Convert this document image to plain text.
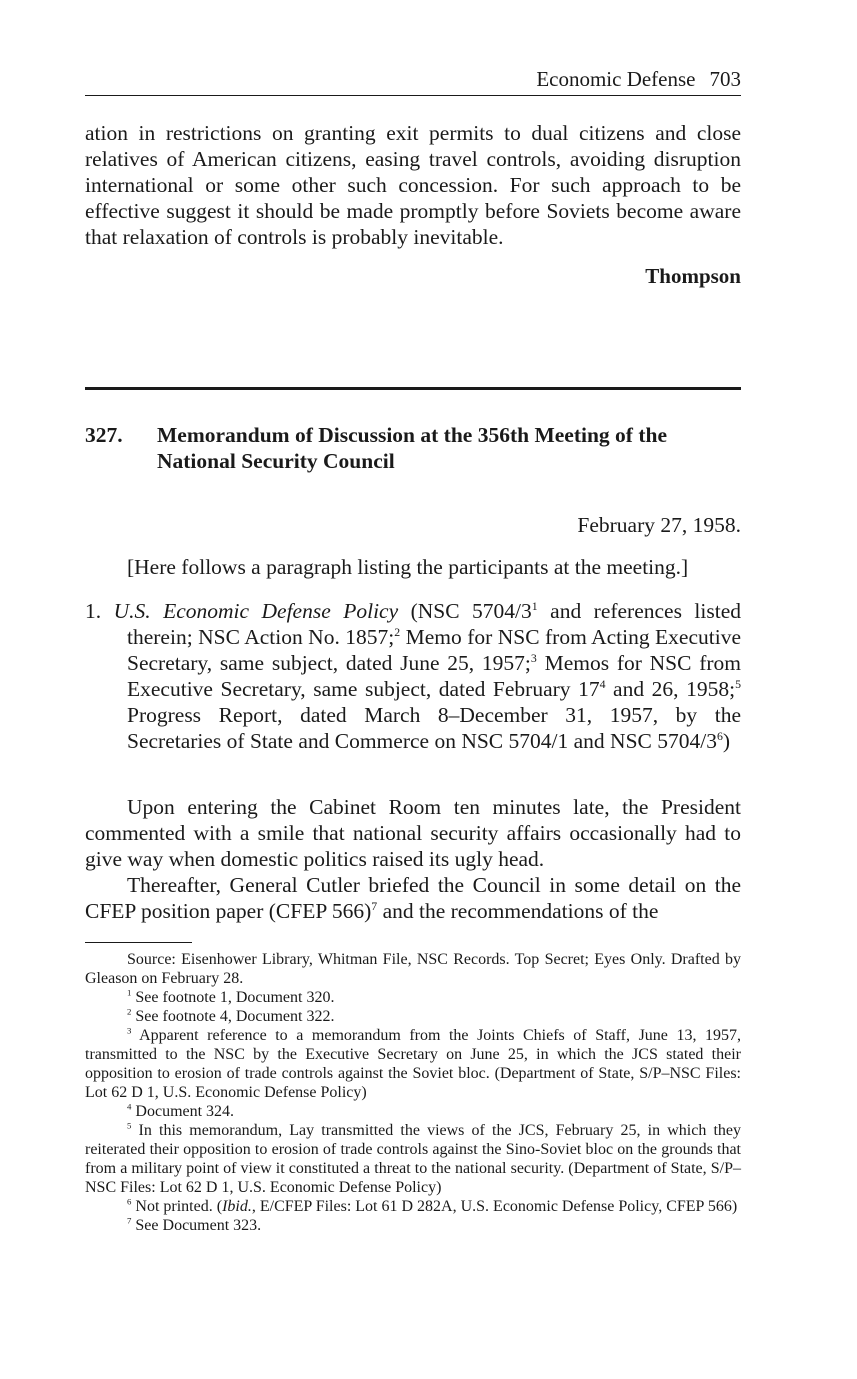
Economic Defense 703

ation in restrictions on granting exit permits to dual citizens and close relatives of American citizens, easing travel controls, avoiding disruption international or some other such concession. For such approach to be effective suggest it should be made promptly before Soviets become aware that relaxation of controls is probably inevitable.

Thompson
327. Memorandum of Discussion at the 356th Meeting of the National Security Council
February 27, 1958.

[Here follows a paragraph listing the participants at the meeting.]

1. U.S. Economic Defense Policy (NSC $5704/3^1$ and references listed therein; NSC Action No. 1857;$^2$ Memo for NSC from Acting Executive Secretary, same subject, dated June 25, 1957;$^3$ Memos for NSC from Executive Secretary, same subject, dated February $17^4$ and 26, 1958;$^5$ Progress Report, dated March 8–December 31, 1957, by the Secretaries of State and Commerce on NSC 5704/1 and NSC $5704/3^6$)

Upon entering the Cabinet Room ten minutes late, the President commented with a smile that national security affairs occasionally had to give way when domestic politics raised its ugly head.

Thereafter, General Cutler briefed the Council in some detail on the CFEP position paper (CFEP 566)$^7$ and the recommendations of the

Source: Eisenhower Library, Whitman File, NSC Records. Top Secret; Eyes Only. Drafted by Gleason on February 28.

$^1$ See footnote 1, Document 320.

$^2$ See footnote 4, Document 322.

$^3$ Apparent reference to a memorandum from the Joints Chiefs of Staff, June 13, 1957, transmitted to the NSC by the Executive Secretary on June 25, in which the JCS stated their opposition to erosion of trade controls against the Soviet bloc. (Department of State, S/P–NSC Files: Lot 62 D 1, U.S. Economic Defense Policy)

$^4$ Document 324.

$^5$ In this memorandum, Lay transmitted the views of the JCS, February 25, in which they reiterated their opposition to erosion of trade controls against the Sino-Soviet bloc on the grounds that from a military point of view it constituted a threat to the national security. (Department of State, S/P–NSC Files: Lot 62 D 1, U.S. Economic Defense Policy)

$^6$ Not printed. (Ibid., E/CFEP Files: Lot 61 D 282A, U.S. Economic Defense Policy, CFEP 566)

$^7$ See Document 323.
